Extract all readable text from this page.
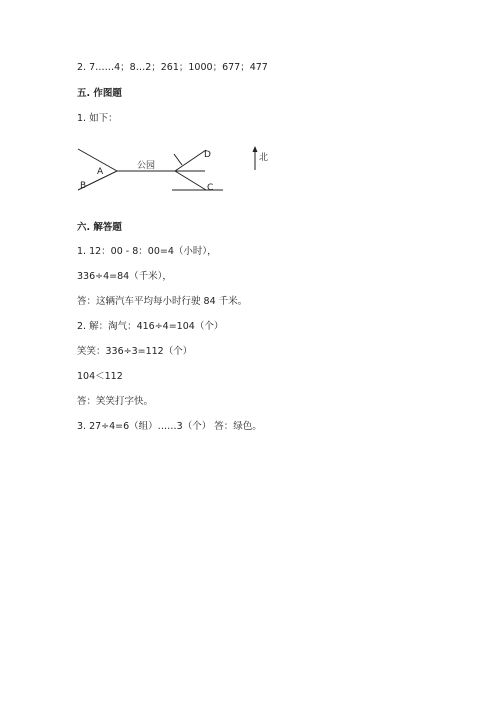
2. 7……4；8…2；261；1000；677；477
五. 作图题
1. 如下：
A
B
公园
D
C
北
六. 解答题
1. 12：00 - 8：00=4（小时），
336÷4=84（千米），
答：这辆汽车平均每小时行驶 84 千米。
2. 解：淘气：416÷4=104（个）
笑笑：336÷3=112（个）
104＜112
答：笑笑打字快。
3. 27÷4=6（组）……3（个） 答：绿色。
